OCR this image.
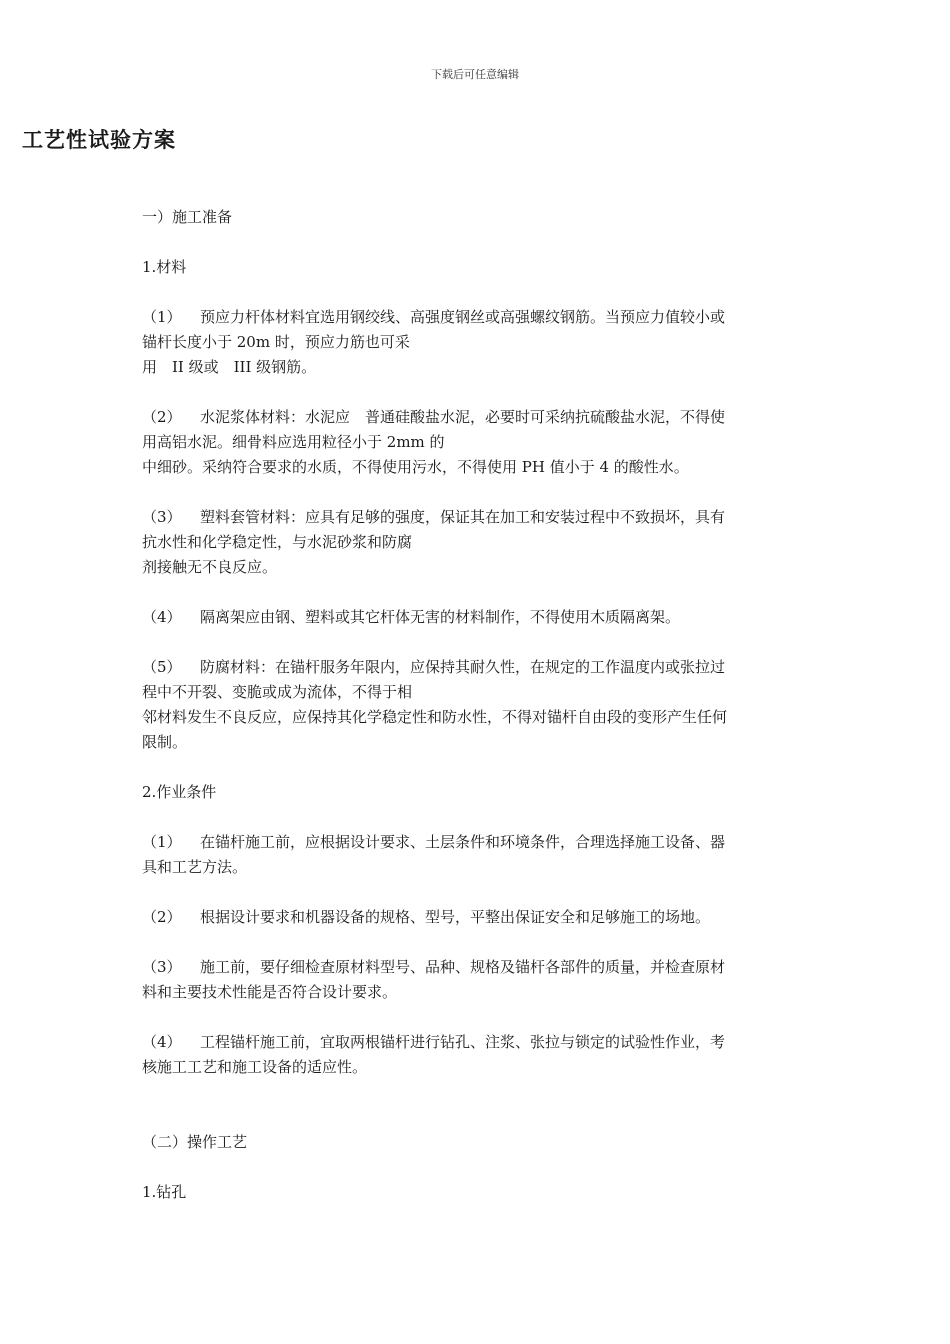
下载后可任意编辑
工艺性试验方案

一）施工准备

1.材料

（1） 预应力杆体材料宜选用钢绞线、高强度钢丝或高强螺纹钢筋。当预应力值较小或
锚杆长度小于 20m 时，预应力筋也可采
用　II 级或　III 级钢筋。

（2） 水泥浆体材料：水泥应　普通硅酸盐水泥，必要时可采纳抗硫酸盐水泥，不得使
用高铝水泥。细骨料应选用粒径小于 2mm 的
中细砂。采纳符合要求的水质，不得使用污水，不得使用 PH 值小于 4 的酸性水。

（3） 塑料套管材料：应具有足够的强度，保证其在加工和安装过程中不致损坏，具有
抗水性和化学稳定性，与水泥砂浆和防腐
剂接触无不良反应。

（4） 隔离架应由钢、塑料或其它杆体无害的材料制作，不得使用木质隔离架。

（5） 防腐材料：在锚杆服务年限内，应保持其耐久性，在规定的工作温度内或张拉过
程中不开裂、变脆或成为流体，不得于相
邻材料发生不良反应，应保持其化学稳定性和防水性，不得对锚杆自由段的变形产生任何
限制。

2.作业条件

（1） 在锚杆施工前，应根据设计要求、土层条件和环境条件，合理选择施工设备、器
具和工艺方法。

（2） 根据设计要求和机器设备的规格、型号，平整出保证安全和足够施工的场地。

（3） 施工前，要仔细检查原材料型号、品种、规格及锚杆各部件的质量，并检查原材
料和主要技术性能是否符合设计要求。

（4） 工程锚杆施工前，宜取两根锚杆进行钻孔、注浆、张拉与锁定的试验性作业，考
核施工工艺和施工设备的适应性。

（二）操作工艺

1.钻孔
